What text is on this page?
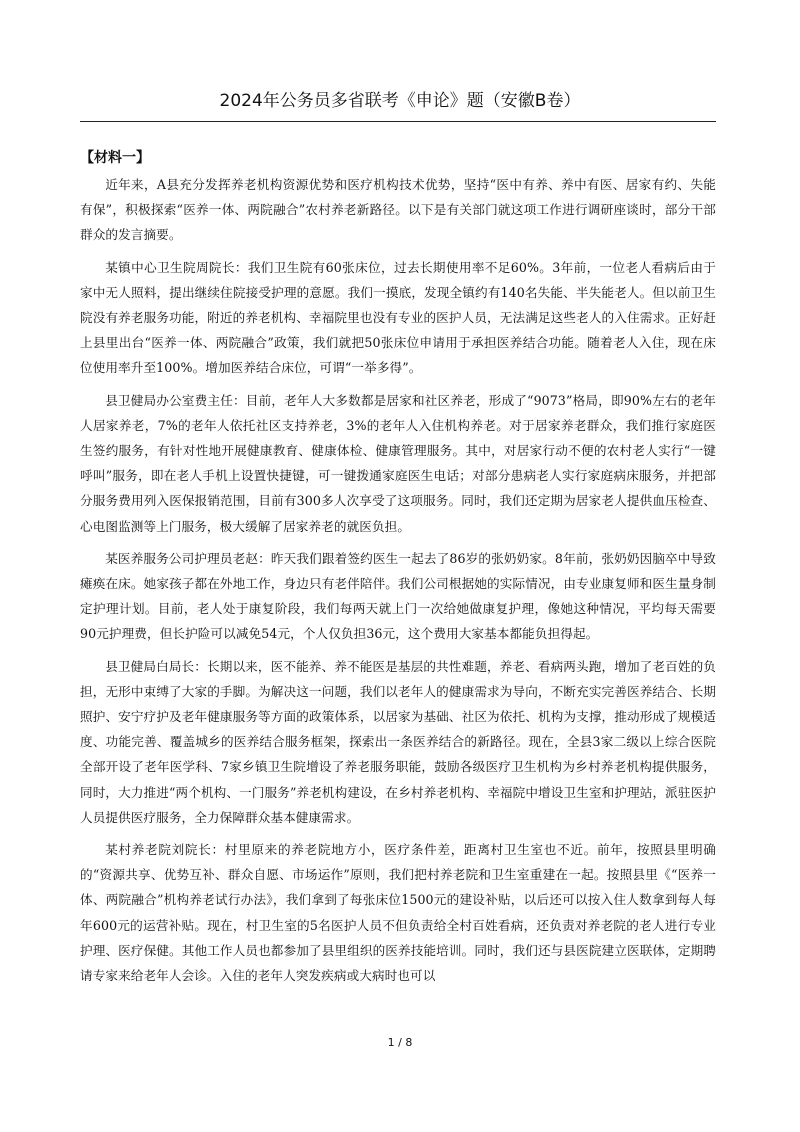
2024年公务员多省联考《申论》题（安徽B卷）
【材料一】

近年来，A县充分发挥养老机构资源优势和医疗机构技术优势，坚持“医中有养、养中有医、居家有约、失能有保”，积极探索“医养一体、两院融合”农村养老新路径。以下是有关部门就这项工作进行调研座谈时，部分干部群众的发言摘要。

某镇中心卫生院周院长：我们卫生院有60张床位，过去长期使用率不足60%。3年前，一位老人看病后由于家中无人照料，提出继续住院接受护理的意愿。我们一摸底，发现全镇约有140名失能、半失能老人。但以前卫生院没有养老服务功能，附近的养老机构、幸福院里也没有专业的医护人员，无法满足这些老人的入住需求。正好赶上县里出台“医养一体、两院融合”政策，我们就把50张床位申请用于承担医养结合功能。随着老人入住，现在床位使用率升至100%。增加医养结合床位，可谓“一举多得”。

县卫健局办公室费主任：目前，老年人大多数都是居家和社区养老，形成了“9073”格局，即90%左右的老年人居家养老，7%的老年人依托社区支持养老，3%的老年人入住机构养老。对于居家养老群众，我们推行家庭医生签约服务，有针对性地开展健康教育、健康体检、健康管理服务。其中，对居家行动不便的农村老人实行“一键呼叫”服务，即在老人手机上设置快捷键，可一键拨通家庭医生电话；对部分患病老人实行家庭病床服务，并把部分服务费用列入医保报销范围，目前有300多人次享受了这项服务。同时，我们还定期为居家老人提供血压检查、心电图监测等上门服务，极大缓解了居家养老的就医负担。

某医养服务公司护理员老赵：昨天我们跟着签约医生一起去了86岁的张奶奶家。8年前，张奶奶因脑卒中导致瘫痪在床。她家孩子都在外地工作，身边只有老伴陪伴。我们公司根据她的实际情况，由专业康复师和医生量身制定护理计划。目前，老人处于康复阶段，我们每两天就上门一次给她做康复护理，像她这种情况，平均每天需要90元护理费，但长护险可以减免54元，个人仅负担36元，这个费用大家基本都能负担得起。

县卫健局白局长：长期以来，医不能养、养不能医是基层的共性难题，养老、看病两头跑，增加了老百姓的负担，无形中束缚了大家的手脚。为解决这一问题，我们以老年人的健康需求为导向，不断充实完善医养结合、长期照护、安宁疗护及老年健康服务等方面的政策体系，以居家为基础、社区为依托、机构为支撑，推动形成了规模适度、功能完善、覆盖城乡的医养结合服务框架，探索出一条医养结合的新路径。现在，全县3家二级以上综合医院全部开设了老年医学科、7家乡镇卫生院增设了养老服务职能，鼓励各级医疗卫生机构为乡村养老机构提供服务，同时，大力推进“两个机构、一门服务”养老机构建设，在乡村养老机构、幸福院中增设卫生室和护理站，派驻医护人员提供医疗服务，全力保障群众基本健康需求。

某村养老院刘院长：村里原来的养老院地方小，医疗条件差，距离村卫生室也不近。前年，按照县里明确的“资源共享、优势互补、群众自愿、市场运作”原则，我们把村养老院和卫生室重建在一起。按照县里《“医养一体、两院融合”机构养老试行办法》，我们拿到了每张床位1500元的建设补贴，以后还可以按入住人数拿到每人每年600元的运营补贴。现在，村卫生室的5名医护人员不但负责给全村百姓看病，还负责对养老院的老人进行专业护理、医疗保健。其他工作人员也都参加了县里组织的医养技能培训。同时，我们还与县医院建立医联体，定期聘请专家来给老年人会诊。入住的老年人突发疾病或大病时也可以

1 / 8
